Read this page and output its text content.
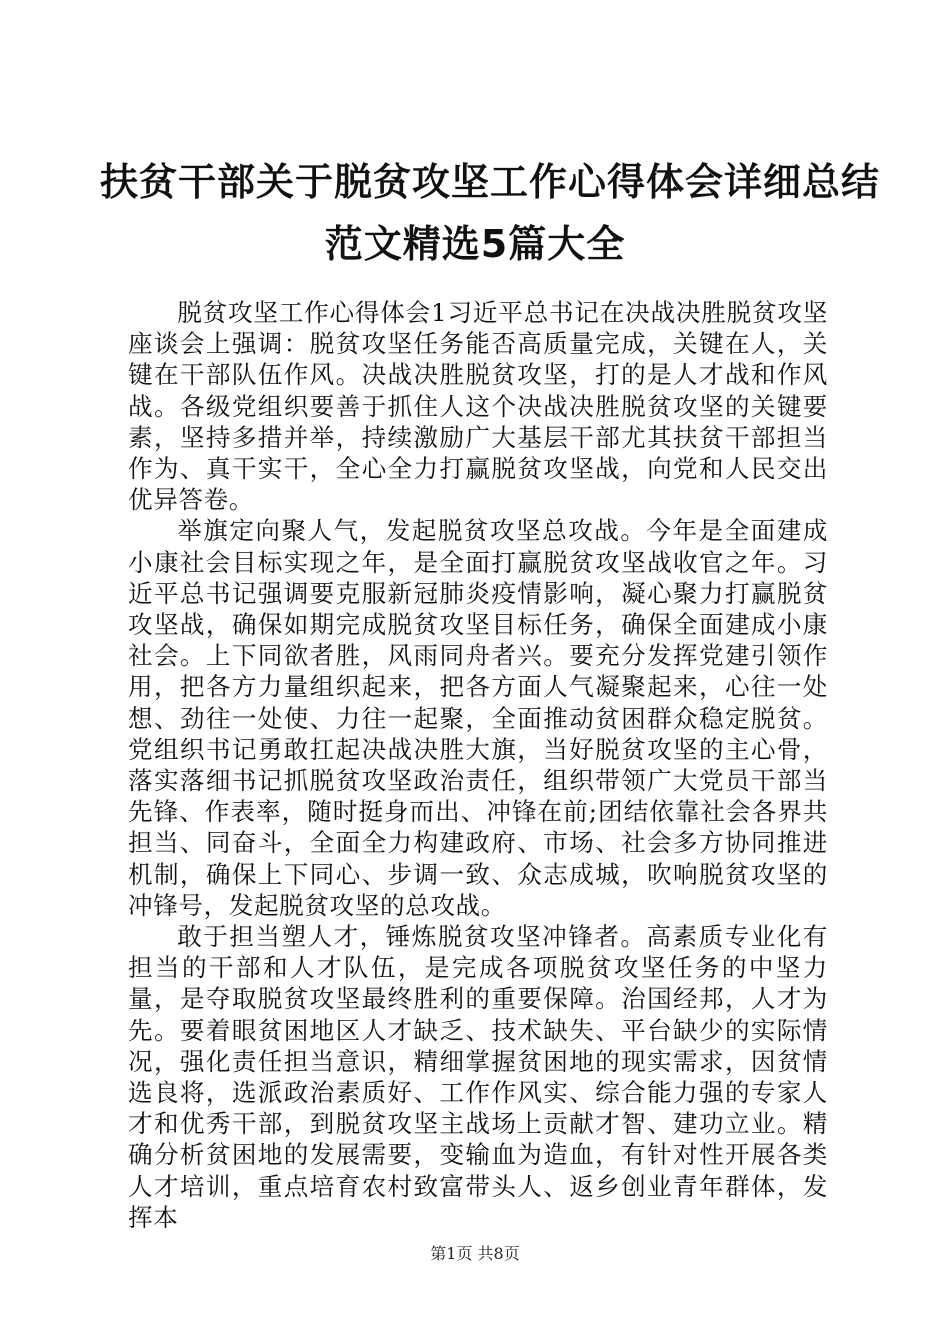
扶贫干部关于脱贫攻坚工作心得体会详细总结
范文精选5篇大全

脱贫攻坚工作心得体会1习近平总书记在决战决胜脱贫攻坚座谈会上强调：脱贫攻坚任务能否高质量完成，关键在人，关键在干部队伍作风。决战决胜脱贫攻坚，打的是人才战和作风战。各级党组织要善于抓住人这个决战决胜脱贫攻坚的关键要素，坚持多措并举，持续激励广大基层干部尤其扶贫干部担当作为、真干实干，全心全力打赢脱贫攻坚战，向党和人民交出优异答卷。

举旗定向聚人气，发起脱贫攻坚总攻战。今年是全面建成小康社会目标实现之年，是全面打赢脱贫攻坚战收官之年。习近平总书记强调要克服新冠肺炎疫情影响，凝心聚力打赢脱贫攻坚战，确保如期完成脱贫攻坚目标任务，确保全面建成小康社会。上下同欲者胜，风雨同舟者兴。要充分发挥党建引领作用，把各方力量组织起来，把各方面人气凝聚起来，心往一处想、劲往一处使、力往一起聚，全面推动贫困群众稳定脱贫。党组织书记勇敢扛起决战决胜大旗，当好脱贫攻坚的主心骨，落实落细书记抓脱贫攻坚政治责任，组织带领广大党员干部当先锋、作表率，随时挺身而出、冲锋在前;团结依靠社会各界共担当、同奋斗，全面全力构建政府、市场、社会多方协同推进机制，确保上下同心、步调一致、众志成城，吹响脱贫攻坚的冲锋号，发起脱贫攻坚的总攻战。

敢于担当塑人才，锤炼脱贫攻坚冲锋者。高素质专业化有担当的干部和人才队伍，是完成各项脱贫攻坚任务的中坚力量，是夺取脱贫攻坚最终胜利的重要保障。治国经邦，人才为先。要着眼贫困地区人才缺乏、技术缺失、平台缺少的实际情况，强化责任担当意识，精细掌握贫困地的现实需求，因贫情选良将，选派政治素质好、工作作风实、综合能力强的专家人才和优秀干部，到脱贫攻坚主战场上贡献才智、建功立业。精确分析贫困地的发展需要，变输血为造血，有针对性开展各类人才培训，重点培育农村致富带头人、返乡创业青年群体，发挥本

第1页 共8页
